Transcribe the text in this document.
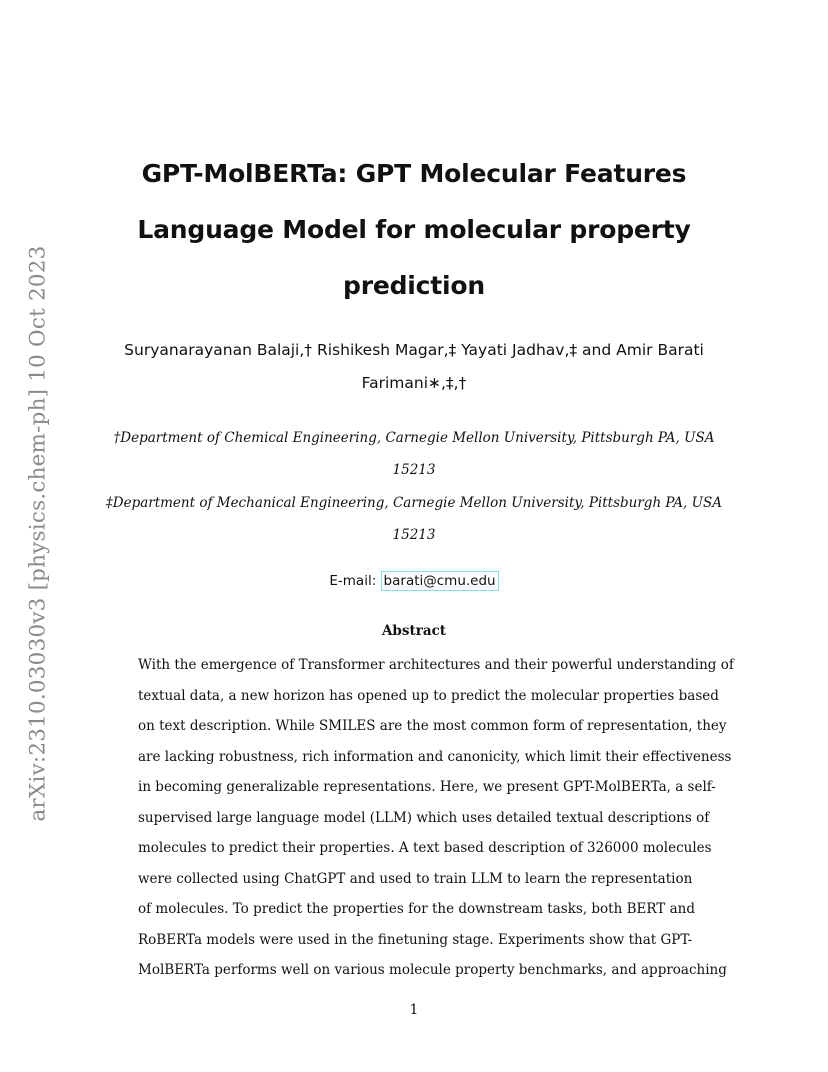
arXiv:2310.03030v3 [physics.chem-ph] 10 Oct 2023
GPT-MolBERTa: GPT Molecular Features
Language Model for molecular property
prediction

Suryanarayanan Balaji,† Rishikesh Magar,‡ Yayati Jadhav,‡ and Amir Barati
Farimani∗,‡,†

†Department of Chemical Engineering, Carnegie Mellon University, Pittsburgh PA, USA
15213

‡Department of Mechanical Engineering, Carnegie Mellon University, Pittsburgh PA, USA
15213

E-mail: barati@cmu.edu
Abstract

With the emergence of Transformer architectures and their powerful understanding of
textual data, a new horizon has opened up to predict the molecular properties based
on text description. While SMILES are the most common form of representation, they
are lacking robustness, rich information and canonicity, which limit their effectiveness
in becoming generalizable representations. Here, we present GPT-MolBERTa, a self-
supervised large language model (LLM) which uses detailed textual descriptions of
molecules to predict their properties. A text based description of 326000 molecules
were collected using ChatGPT and used to train LLM to learn the representation
of molecules. To predict the properties for the downstream tasks, both BERT and
RoBERTa models were used in the finetuning stage. Experiments show that GPT-
MolBERTa performs well on various molecule property benchmarks, and approaching

1
